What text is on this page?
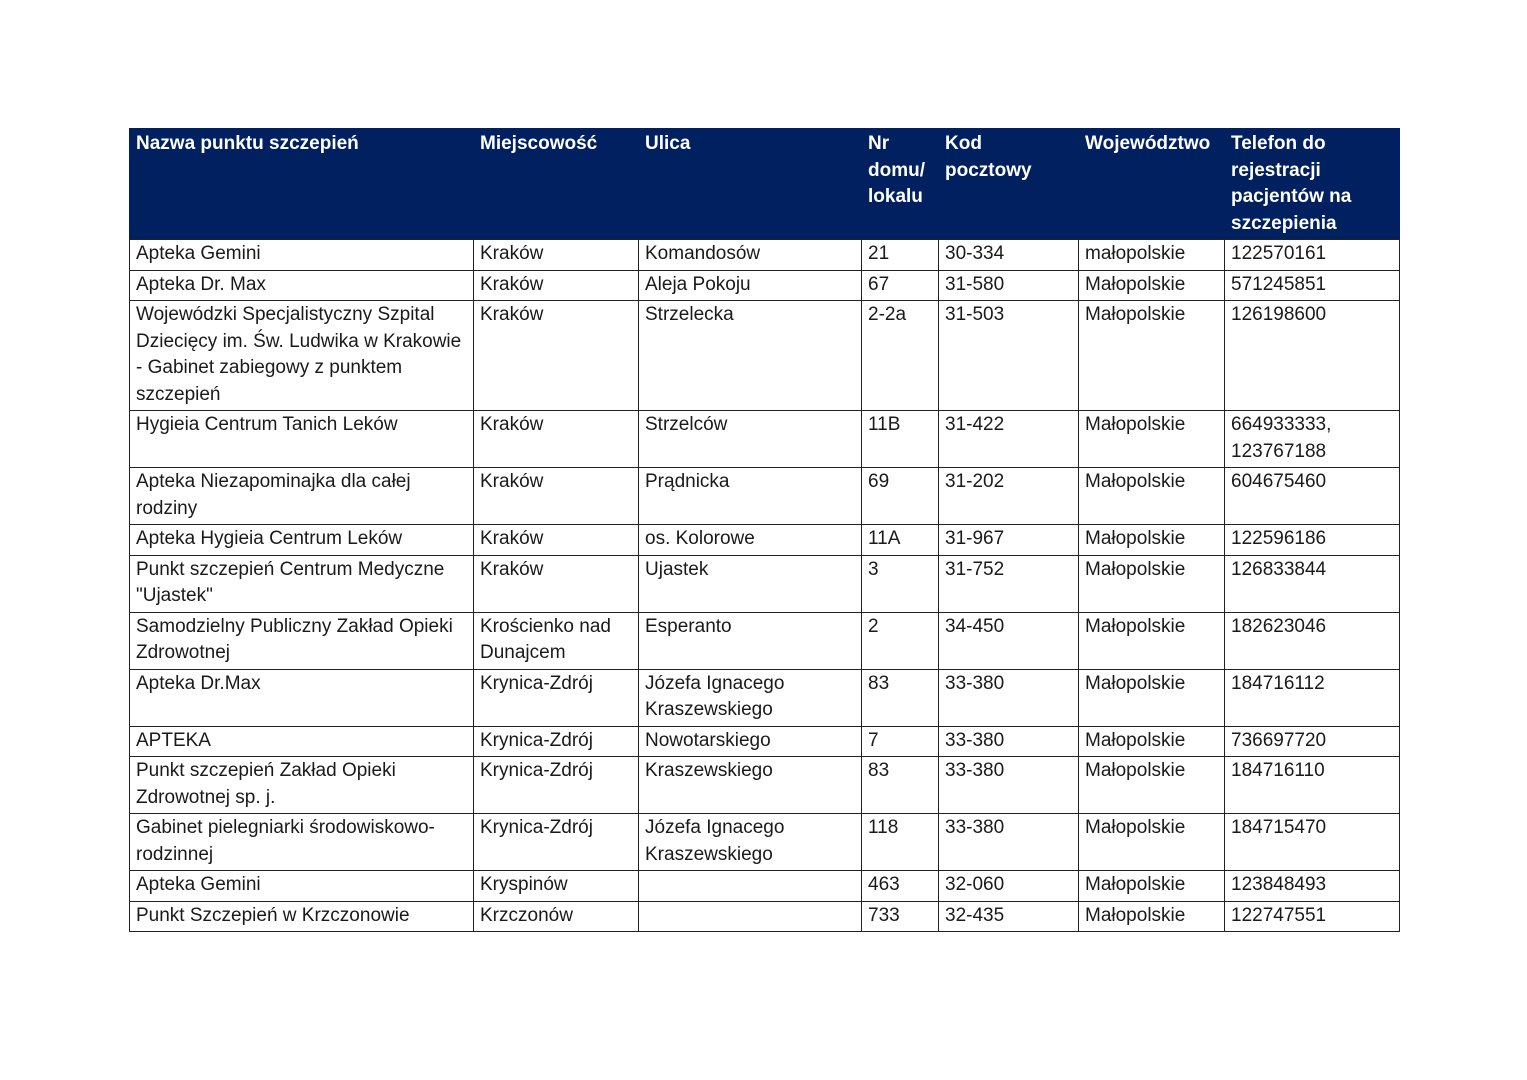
Nazwa punktu szczepień	Miejscowość	Ulica	Nr domu/ lokalu	Kod pocztowy	Województwo	Telefon do rejestracji pacjentów na szczepienia
Apteka Gemini	Kraków	Komandosów	21	30-334	małopolskie	122570161
Apteka Dr. Max	Kraków	Aleja Pokoju	67	31-580	Małopolskie	571245851
Wojewódzki Specjalistyczny Szpital Dziecięcy im. Św. Ludwika w Krakowie - Gabinet zabiegowy z punktem szczepień	Kraków	Strzelecka	2-2a	31-503	Małopolskie	126198600
Hygieia Centrum Tanich Leków	Kraków	Strzelców	11B	31-422	Małopolskie	664933333, 123767188
Apteka Niezapominajka dla całej rodziny	Kraków	Prądnicka	69	31-202	Małopolskie	604675460
Apteka Hygieia Centrum Leków	Kraków	os. Kolorowe	11A	31-967	Małopolskie	122596186
Punkt szczepień Centrum Medyczne "Ujastek"	Kraków	Ujastek	3	31-752	Małopolskie	126833844
Samodzielny Publiczny Zakład Opieki Zdrowotnej	Krościenko nad Dunajcem	Esperanto	2	34-450	Małopolskie	182623046
Apteka Dr.Max	Krynica-Zdrój	Józefa Ignacego Kraszewskiego	83	33-380	Małopolskie	184716112
APTEKA	Krynica-Zdrój	Nowotarskiego	7	33-380	Małopolskie	736697720
Punkt szczepień Zakład Opieki Zdrowotnej sp. j.	Krynica-Zdrój	Kraszewskiego	83	33-380	Małopolskie	184716110
Gabinet pielegniarki środowiskowo-rodzinnej	Krynica-Zdrój	Józefa Ignacego Kraszewskiego	118	33-380	Małopolskie	184715470
Apteka Gemini	Kryspinów		463	32-060	Małopolskie	123848493
Punkt Szczepień w Krzczonowie	Krzczonów		733	32-435	Małopolskie	122747551
